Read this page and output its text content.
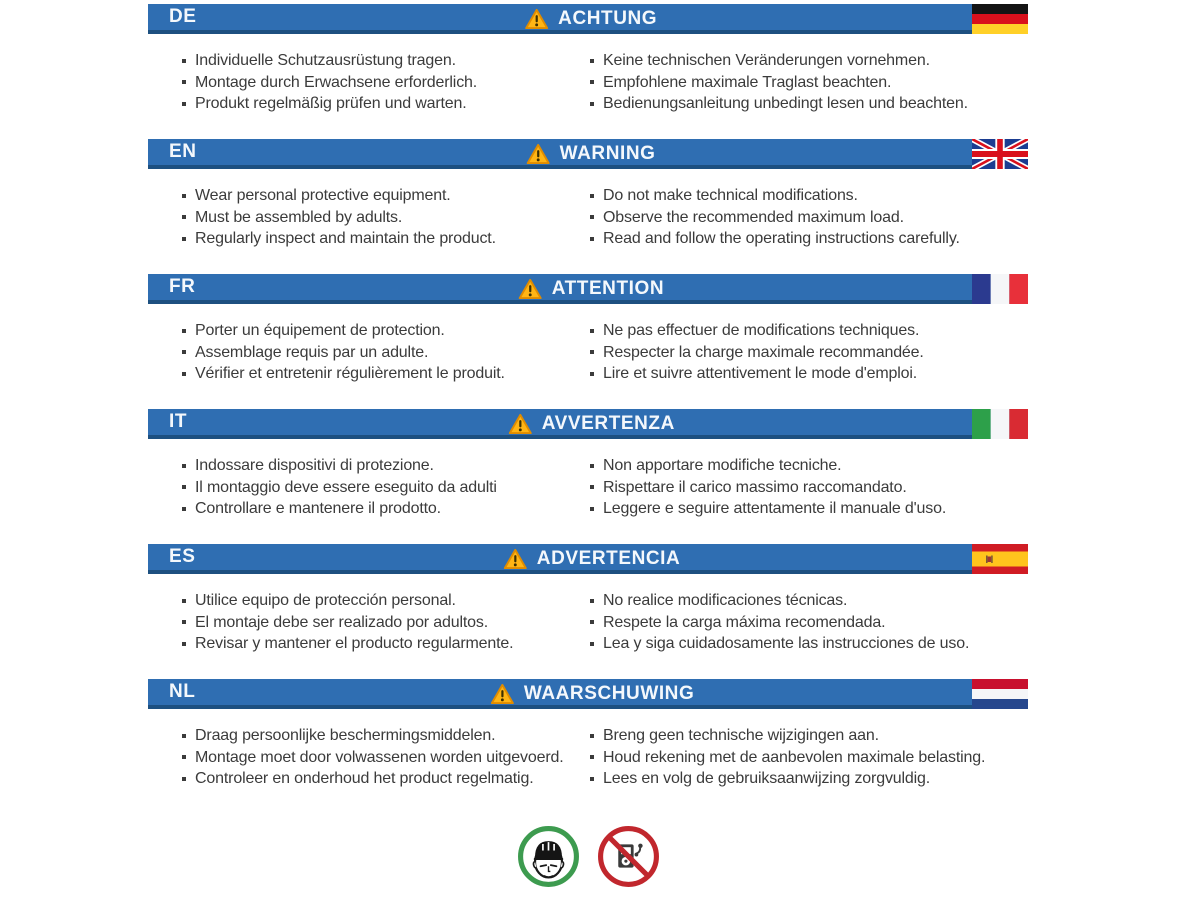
DE	ACHTUNG
Individuelle Schutzausrüstung tragen.
Montage durch Erwachsene erforderlich.
Produkt regelmäßig prüfen und warten.
Keine technischen Veränderungen vornehmen.
Empfohlene maximale Traglast beachten.
Bedienungsanleitung unbedingt lesen und beachten.
EN	WARNING
Wear personal protective equipment.
Must be assembled by adults.
Regularly inspect and maintain the product.
Do not make technical modifications.
Observe the recommended maximum load.
Read and follow the operating instructions carefully.
FR	ATTENTION
Porter un équipement de protection.
Assemblage requis par un adulte.
Vérifier et entretenir régulièrement le produit.
Ne pas effectuer de modifications techniques.
Respecter la charge maximale recommandée.
Lire et suivre attentivement le mode d'emploi.
IT	AVVERTENZA
Indossare dispositivi di protezione.
Il montaggio deve essere eseguito da adulti
Controllare e mantenere il prodotto.
Non apportare modifiche tecniche.
Rispettare il carico massimo raccomandato.
Leggere e seguire attentamente il manuale d'uso.
ES	ADVERTENCIA
Utilice equipo de protección personal.
El montaje debe ser realizado por adultos.
Revisar y mantener el producto regularmente.
No realice modificaciones técnicas.
Respete la carga máxima recomendada.
Lea y siga cuidadosamente las instrucciones de uso.
NL	WAARSCHUWING
Draag persoonlijke beschermingsmiddelen.
Montage moet door volwassenen worden uitgevoerd.
Controleer en onderhoud het product regelmatig.
Breng geen technische wijzigingen aan.
Houd rekening met de aanbevolen maximale belasting.
Lees en volg de gebruiksaanwijzing zorgvuldig.
